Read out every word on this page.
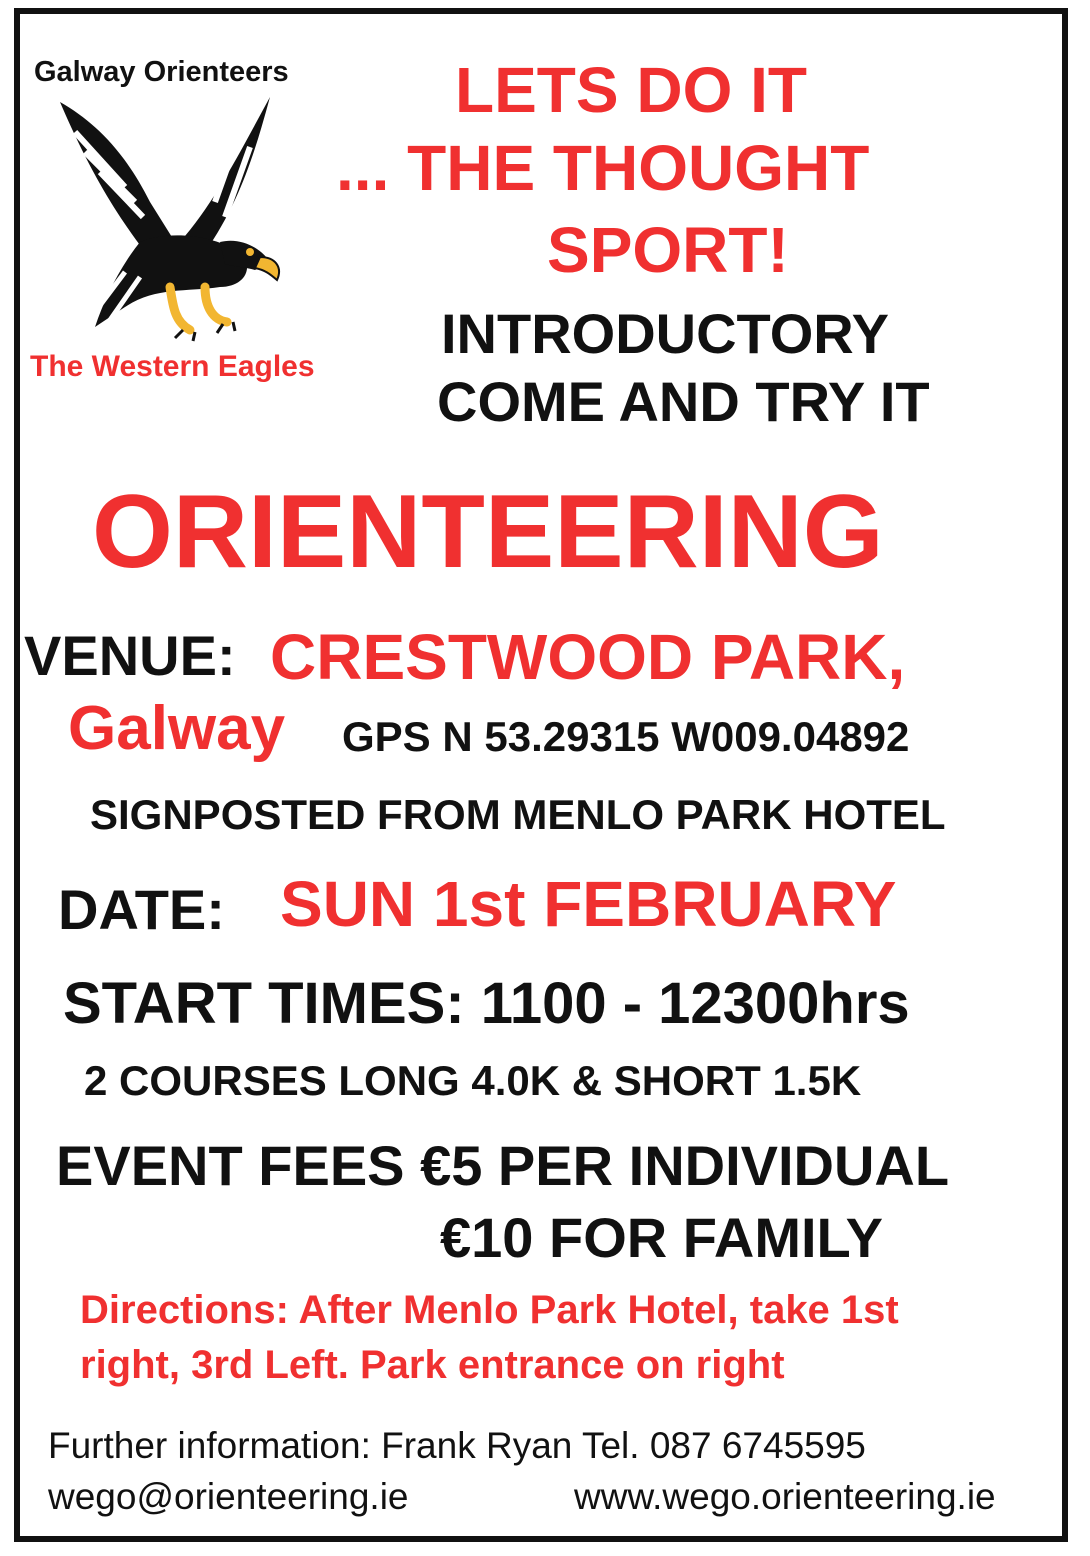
Galway Orienteers
The Western Eagles
LETS DO IT
... THE THOUGHT
SPORT!
INTRODUCTORY
COME AND TRY IT
ORIENTEERING
VENUE: CRESTWOOD PARK,
Galway GPS N 53.29315 W009.04892
SIGNPOSTED FROM MENLO PARK HOTEL
DATE: SUN 1st FEBRUARY
START TIMES: 1100 - 12300hrs
2 COURSES LONG 4.0K & SHORT 1.5K
EVENT FEES €5 PER INDIVIDUAL
€10 FOR FAMILY
Directions: After Menlo Park Hotel, take 1st
right, 3rd Left. Park entrance on right
Further information: Frank Ryan Tel. 087 6745595
wego@orienteering.ie	www.wego.orienteering.ie
